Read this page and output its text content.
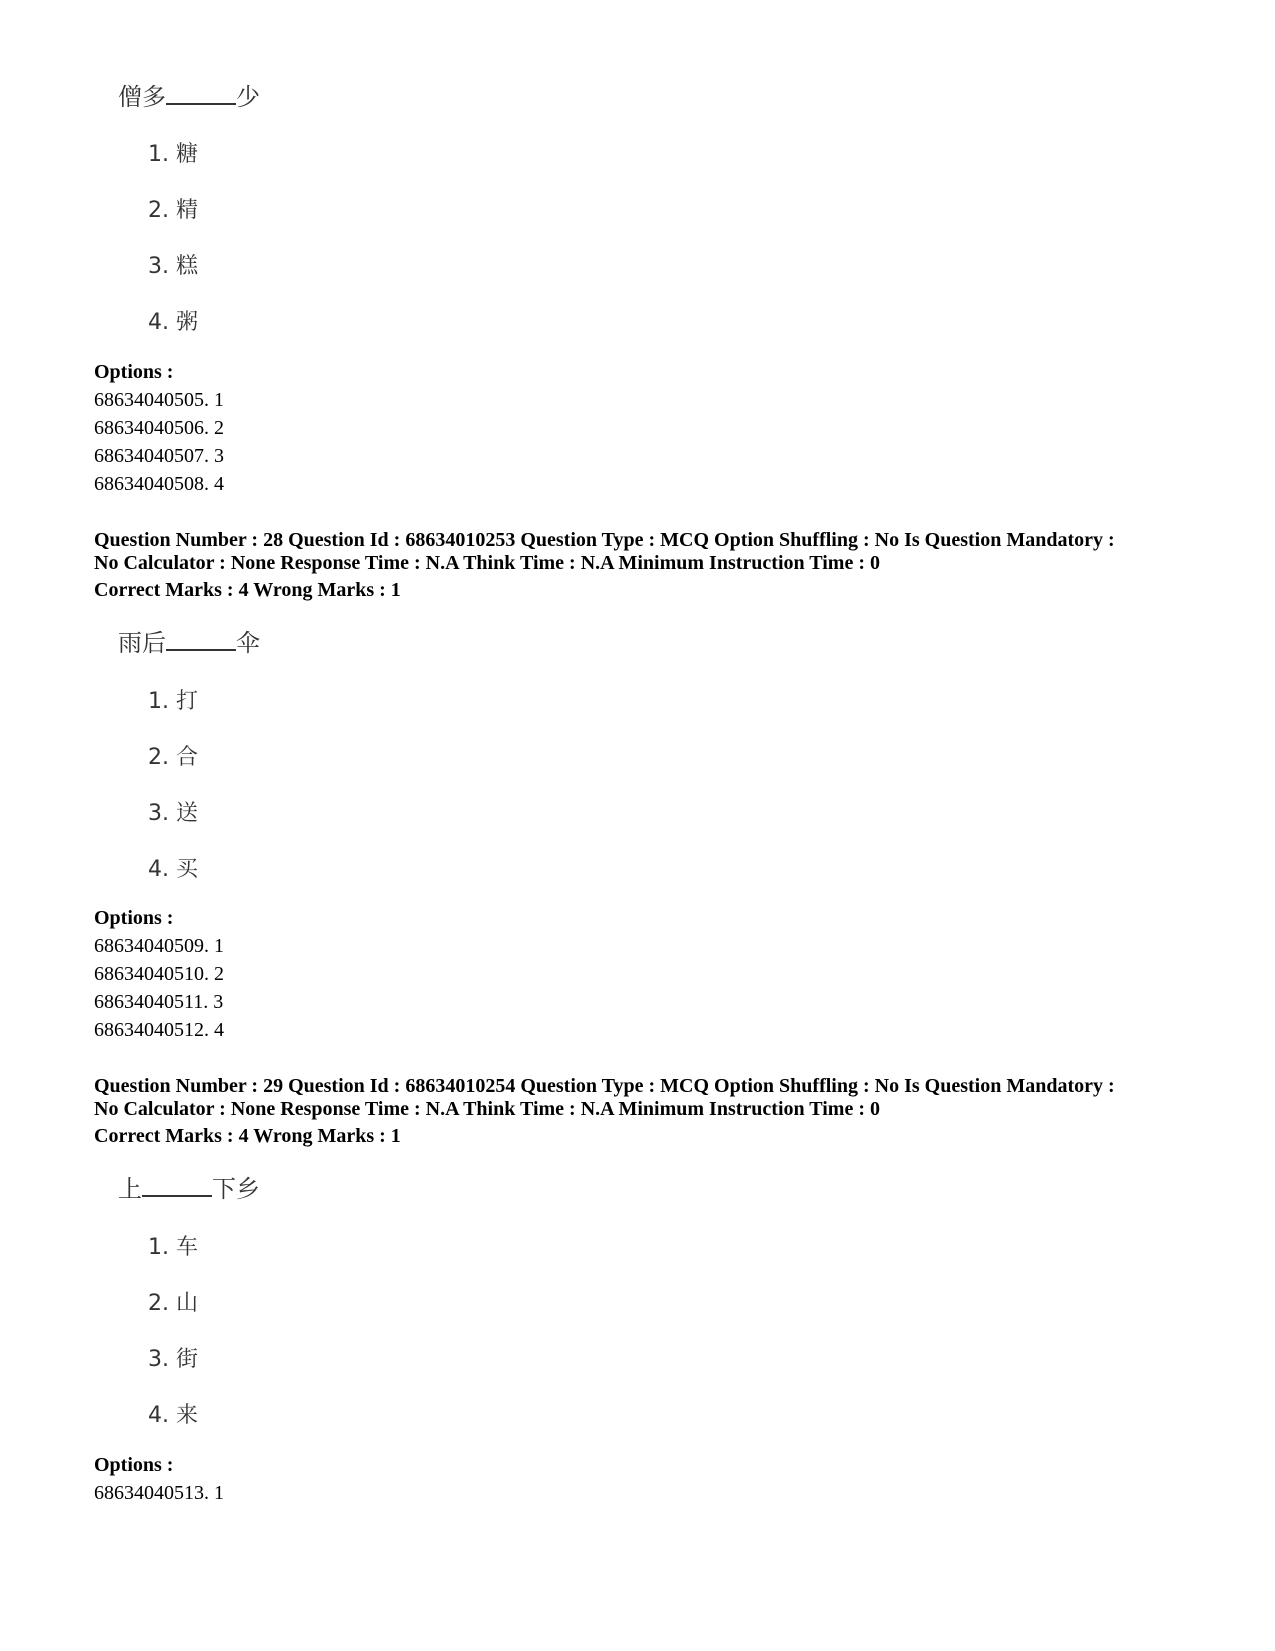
僧多	少
1. 糖
2. 精
3. 糕
4. 粥
Options :
68634040505. 1
68634040506. 2
68634040507. 3
68634040508. 4
Question Number : 28 Question Id : 68634010253 Question Type : MCQ Option Shuffling : No Is Question Mandatory :
No Calculator : None Response Time : N.A Think Time : N.A Minimum Instruction Time : 0
Correct Marks : 4 Wrong Marks : 1
雨后	伞
1. 打
2. 合
3. 送
4. 买
Options :
68634040509. 1
68634040510. 2
68634040511. 3
68634040512. 4
Question Number : 29 Question Id : 68634010254 Question Type : MCQ Option Shuffling : No Is Question Mandatory :
No Calculator : None Response Time : N.A Think Time : N.A Minimum Instruction Time : 0
Correct Marks : 4 Wrong Marks : 1
上	下乡
1. 车
2. 山
3. 街
4. 来
Options :
68634040513. 1
